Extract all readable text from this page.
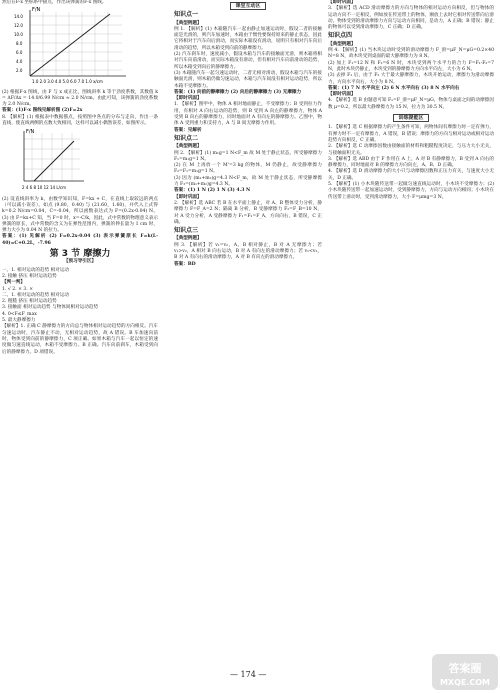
然后在F-x 坐标系中描点，作出该弹簧的F-x 图线。

F/N
14.0
12.0
10.0
8.0
6.0
4.0
2.0
1.0 2.0 3.0 4.0 5.0 6.0 7.0 1.0 x/cm

(2) 根据F-x 图线，由 F 与 x 成正比，图线斜率 k 等于劲度系数，其数值 k = ΔF/Δx = 14.0/6.99 N/cm ≈ 2.0 N/cm。由此可知，该弹簧的劲度系数为 2.0 N/cm。

答案：(1)F-x 图线见解析图 (2)F=2x

8. 【解析】(1) 根据表中数据描点，按照图中各点的分布与走向，作出一条直线，使直线两侧的点数大致相同，这样可以减小偶然误差，如图所示。

F/N
2 4 6 8 10 12 14 L/cm

(2) 设直线斜率为 k，由数学知识知，F=kx + C，在直线上取较远的两点（可以减小误差），如点 (9.80，0.40) 与 (21.60，1.60)，并代入上式得 k=0.2 N/cm=0.04，C=-0.04，所以函数表达式为 F=(0.2x-0.04) N。(3) 由 F=kx+C 知，当 F=0 时，x=-C/k，因此，式中常数的物理意义表示弹簧的原长，式中常数的含义为在弹性范围内，弹簧的伸长量为 1 cm 时，弹力大小为 0.04 N 的拉力。

答案：(1) 见解析 (2) F=0.2x-0.04 (3) 表示弹簧原长 F=k(L-40)=C+0.2L，-7.96

第 3 节 摩擦力
【预习导引区】

一、1. 相对运动的趋势 相对运动

2. 接触 挤压 相对运动趋势

【判一判】

1. √ 2. × 3. ×

二、1. 相对运动的趋势 相对运动

2. 粗糙 挤压 相对运动趋势

3. 接触面 相对运动趋势 与物体间相对运动趋势

4. 0<F≤F_max

5. 最大静摩擦力

【解析】1. 正确 C 静摩擦力的方向总与物体相对运动趋势的方向相反。汽车匀速运动时，汽车静止不动，无相对运动趋势，故 A 错误。B 车加速向前时，物体受到向前的静摩擦力，C 项正确。如果木箱与汽车一起以恒定的速度做匀速直线运动，木箱不受摩擦力。B 正确。汽车向前刹车，木箱受到向后的静摩擦力。D 项错误。

课堂互动区
知识点一

【典型例题】

例 1. 【解析】(1) 木箱随汽车一起由静止加速运动时，假设二者的接触面是光滑的，则汽车加速时，木箱由于惯性要保持原来的静止状态，因此它将相对于汽车向后滑动，而实际木箱没有滑动，说明只有相对汽车向后滑动的趋势，所以木箱受到向前的静摩擦力。

(2) 汽车刹车时，速度减小，假设木箱与汽车的接触面光滑，则木箱将相对汽车向前滑动，而实际木箱没有滑动，但有相对汽车向前滑动的趋势，所以木箱受到向后的静摩擦力。

(3) 木箱随汽车一起匀速运动时，二者无相对滑动，假设木箱与汽车的接触面光滑，则木箱仍做匀速运动，木箱与汽车间没有相对运动趋势，所以木箱不受摩擦力。

答案：(1) 向前的静摩擦力 (2) 向后的静摩擦力 (3) 无摩擦力

【即时巩固】

1. 【解析】图甲中，物体 A 相对地面静止，不受摩擦力；B 受到拉力作用，有相对 A 向右运动的趋势，则 B 受到 A 向左的静摩擦力，物体 A 受到 B 向右的静摩擦力，同时地面对 A 有向左的静摩擦力。乙图中，物体 A 受到重力和支持力，A 与 B 间无摩擦力作用。

答案：见解析

知识点二

【典型例题】

例 2. 【解析】(1) m₁g=1 N<F_m 故 M 处于静止状态，所受静摩擦力 F₁=m₁g=1 N。

(2) 在 M 上再放一个 M'=3 kg 的物体，M 仍静止，故受静摩擦力 F₂=F₁=m₁g=1 N。

(3) 因为 (m₁+m₂)g=4.3 N<F_m，故 M 处于静止状态，所受静摩擦力 F₃=(m₁+m₂)g=4.3 N。

答案：(1) 1 N (2) 1 N (3) 4.3 N

【即时巩固】

2. 【解析】选 ABC 若 B 在水平面上静止，对 A、B 整体受力分析，静摩擦力 F=F_A=2 N；隔离 B 分析，B 受静摩擦力 F₂=F_B=10 N，对 A 受力分析，A 受静摩擦力 F₁=F₂=F_A，方向向右，B 错误，C 正确。

知识点三

【典型例题】

例 3. 【解析】若 v₁=v₂，A、B 相对静止，B 对 A 无摩擦力；若 v₁>v₂，A 相对 B 向右运动，B 对 A 有向左的滑动摩擦力；若 v₁<v₂，B 对 A 有向右的滑动摩擦力，A 对 B 有向左的滑动摩擦力。

答案：BD

【即时巩固】

3. 【解析】选 ACD 滑动摩擦力的方向与物体的相对运动方向相反，但与物体的运动方向不一定相反，例如放在传送带上的物体，刚放上去时它相对传送带向后滑动，物体受到的滑动摩擦力方向与运动方向相同，是动力，A 正确；B 错误；静止的物体可以受到滑动摩擦力，C 正确；D 正确。

知识点四

【典型例题】

例 4. 【解析】(1) 当木块运动时受到的滑动摩擦力 F_滑=μF_N=μG=0.2×40 N=8 N，故木块受到桌面的最大静摩擦力为 8 N。

(2) 加上 F₁=12 N 和 F₂=6 N 时，木块受到两个水平力的合力 F=F₁-F₂=7 N，此时木块仍静止，木块受到的静摩擦力方向水平向左，大小为 6 N。

(3) 去掉 F₁ 后，由于 F₂ 大于最大静摩擦力，木块开始运动，摩擦力为滑动摩擦力，方向水平向右，大小为 8 N。

答案：(1) 7 N 水平向左 (2) 6 N 水平向右 (3) 8 N 水平向右

【即时巩固】

4. 【解析】选 B 由题意可知 F₁=F_滑=μF_N=μG，物体与桌面之间的动摩擦因数 μ=0.2，所以最大静摩擦力为 15 N，拉力为 30.5 N。

训练提能区

1. 【解析】选 C 根据摩擦力的产生条件可知，两物体间有摩擦力时一定有弹力，有弹力时不一定有摩擦力，A 错误，B 错误；摩擦力的方向与相对运动或相对运动趋势方向相反，C 正确。

2. 【解析】选 C 动摩擦因数由接触面的材料和粗糙程度决定，与压力大小无关，与接触面积无关。

3. 【解析】选 ABD 由于 F 作用在 A 上，A 对 B 有静摩擦力，B 受到 A 向右的静摩擦力，同时地面对 B 的摩擦力方向向左，A、B、D 正确。

4. 【解析】选 D 滑动摩擦力的大小只与动摩擦因数和正压力有关，与速度大小无关，D 正确。

5. 【解析】(1) 小木块随传送带一起做匀速直线运动时，小木块不受摩擦力；(2) 小木块随传送带一起加速运动时，受到静摩擦力，方向与运动方向相同；小木块在传送带上滑动时，受到滑动摩擦力，大小 F=μmg=3 N。

— 174 —	答案圈
MXQE.COM
